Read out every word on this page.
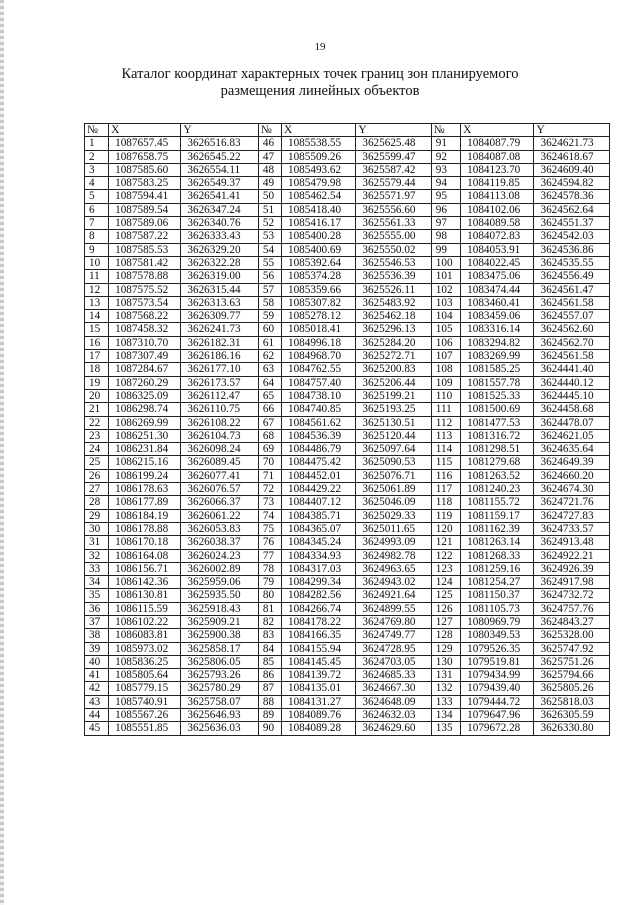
19
Каталог координат характерных точек границ зон планируемого
размещения линейных объектов
№	X	Y	№	X	Y	№	X	Y
1	1087657.45	3626516.83	46	1085538.55	3625625.48	91	1084087.79	3624621.73
2	1087658.75	3626545.22	47	1085509.26	3625599.47	92	1084087.08	3624618.67
3	1087585.60	3626554.11	48	1085493.62	3625587.42	93	1084123.70	3624609.40
4	1087583.25	3626549.37	49	1085479.98	3625579.44	94	1084119.85	3624594.82
5	1087594.41	3626541.41	50	1085462.54	3625571.97	95	1084113.08	3624578.36
6	1087589.54	3626347.24	51	1085418.40	3625556.60	96	1084102.06	3624562.64
7	1087589.06	3626340.76	52	1085416.17	3625561.33	97	1084089.58	3624551.37
8	1087587.22	3626333.43	53	1085400.28	3625555.00	98	1084072.83	3624542.03
9	1087585.53	3626329.20	54	1085400.69	3625550.02	99	1084053.91	3624536.86
10	1087581.42	3626322.28	55	1085392.64	3625546.53	100	1084022.45	3624535.55
11	1087578.88	3626319.00	56	1085374.28	3625536.39	101	1083475.06	3624556.49
12	1087575.52	3626315.44	57	1085359.66	3625526.11	102	1083474.44	3624561.47
13	1087573.54	3626313.63	58	1085307.82	3625483.92	103	1083460.41	3624561.58
14	1087568.22	3626309.77	59	1085278.12	3625462.18	104	1083459.06	3624557.07
15	1087458.32	3626241.73	60	1085018.41	3625296.13	105	1083316.14	3624562.60
16	1087310.70	3626182.31	61	1084996.18	3625284.20	106	1083294.82	3624562.70
17	1087307.49	3626186.16	62	1084968.70	3625272.71	107	1083269.99	3624561.58
18	1087284.67	3626177.10	63	1084762.55	3625200.83	108	1081585.25	3624441.40
19	1087260.29	3626173.57	64	1084757.40	3625206.44	109	1081557.78	3624440.12
20	1086325.09	3626112.47	65	1084738.10	3625199.21	110	1081525.33	3624445.10
21	1086298.74	3626110.75	66	1084740.85	3625193.25	111	1081500.69	3624458.68
22	1086269.99	3626108.22	67	1084561.62	3625130.51	112	1081477.53	3624478.07
23	1086251.30	3626104.73	68	1084536.39	3625120.44	113	1081316.72	3624621.05
24	1086231.84	3626098.24	69	1084486.79	3625097.64	114	1081298.51	3624635.64
25	1086215.16	3626089.45	70	1084475.42	3625090.53	115	1081279.68	3624649.39
26	1086199.24	3626077.41	71	1084452.01	3625076.71	116	1081263.52	3624660.20
27	1086178.63	3626076.57	72	1084429.22	3625061.89	117	1081240.23	3624674.30
28	1086177.89	3626066.37	73	1084407.12	3625046.09	118	1081155.72	3624721.76
29	1086184.19	3626061.22	74	1084385.71	3625029.33	119	1081159.17	3624727.83
30	1086178.88	3626053.83	75	1084365.07	3625011.65	120	1081162.39	3624733.57
31	1086170.18	3626038.37	76	1084345.24	3624993.09	121	1081263.14	3624913.48
32	1086164.08	3626024.23	77	1084334.93	3624982.78	122	1081268.33	3624922.21
33	1086156.71	3626002.89	78	1084317.03	3624963.65	123	1081259.16	3624926.39
34	1086142.36	3625959.06	79	1084299.34	3624943.02	124	1081254.27	3624917.98
35	1086130.81	3625935.50	80	1084282.56	3624921.64	125	1081150.37	3624732.72
36	1086115.59	3625918.43	81	1084266.74	3624899.55	126	1081105.73	3624757.76
37	1086102.22	3625909.21	82	1084178.22	3624769.80	127	1080969.79	3624843.27
38	1086083.81	3625900.38	83	1084166.35	3624749.77	128	1080349.53	3625328.00
39	1085973.02	3625858.17	84	1084155.94	3624728.95	129	1079526.35	3625747.92
40	1085836.25	3625806.05	85	1084145.45	3624703.05	130	1079519.81	3625751.26
41	1085805.64	3625793.26	86	1084139.72	3624685.33	131	1079434.99	3625794.66
42	1085779.15	3625780.29	87	1084135.01	3624667.30	132	1079439.40	3625805.26
43	1085740.91	3625758.07	88	1084131.27	3624648.09	133	1079444.72	3625818.03
44	1085567.26	3625646.93	89	1084089.76	3624632.03	134	1079647.96	3626305.59
45	1085551.85	3625636.03	90	1084089.28	3624629.60	135	1079672.28	3626330.80
